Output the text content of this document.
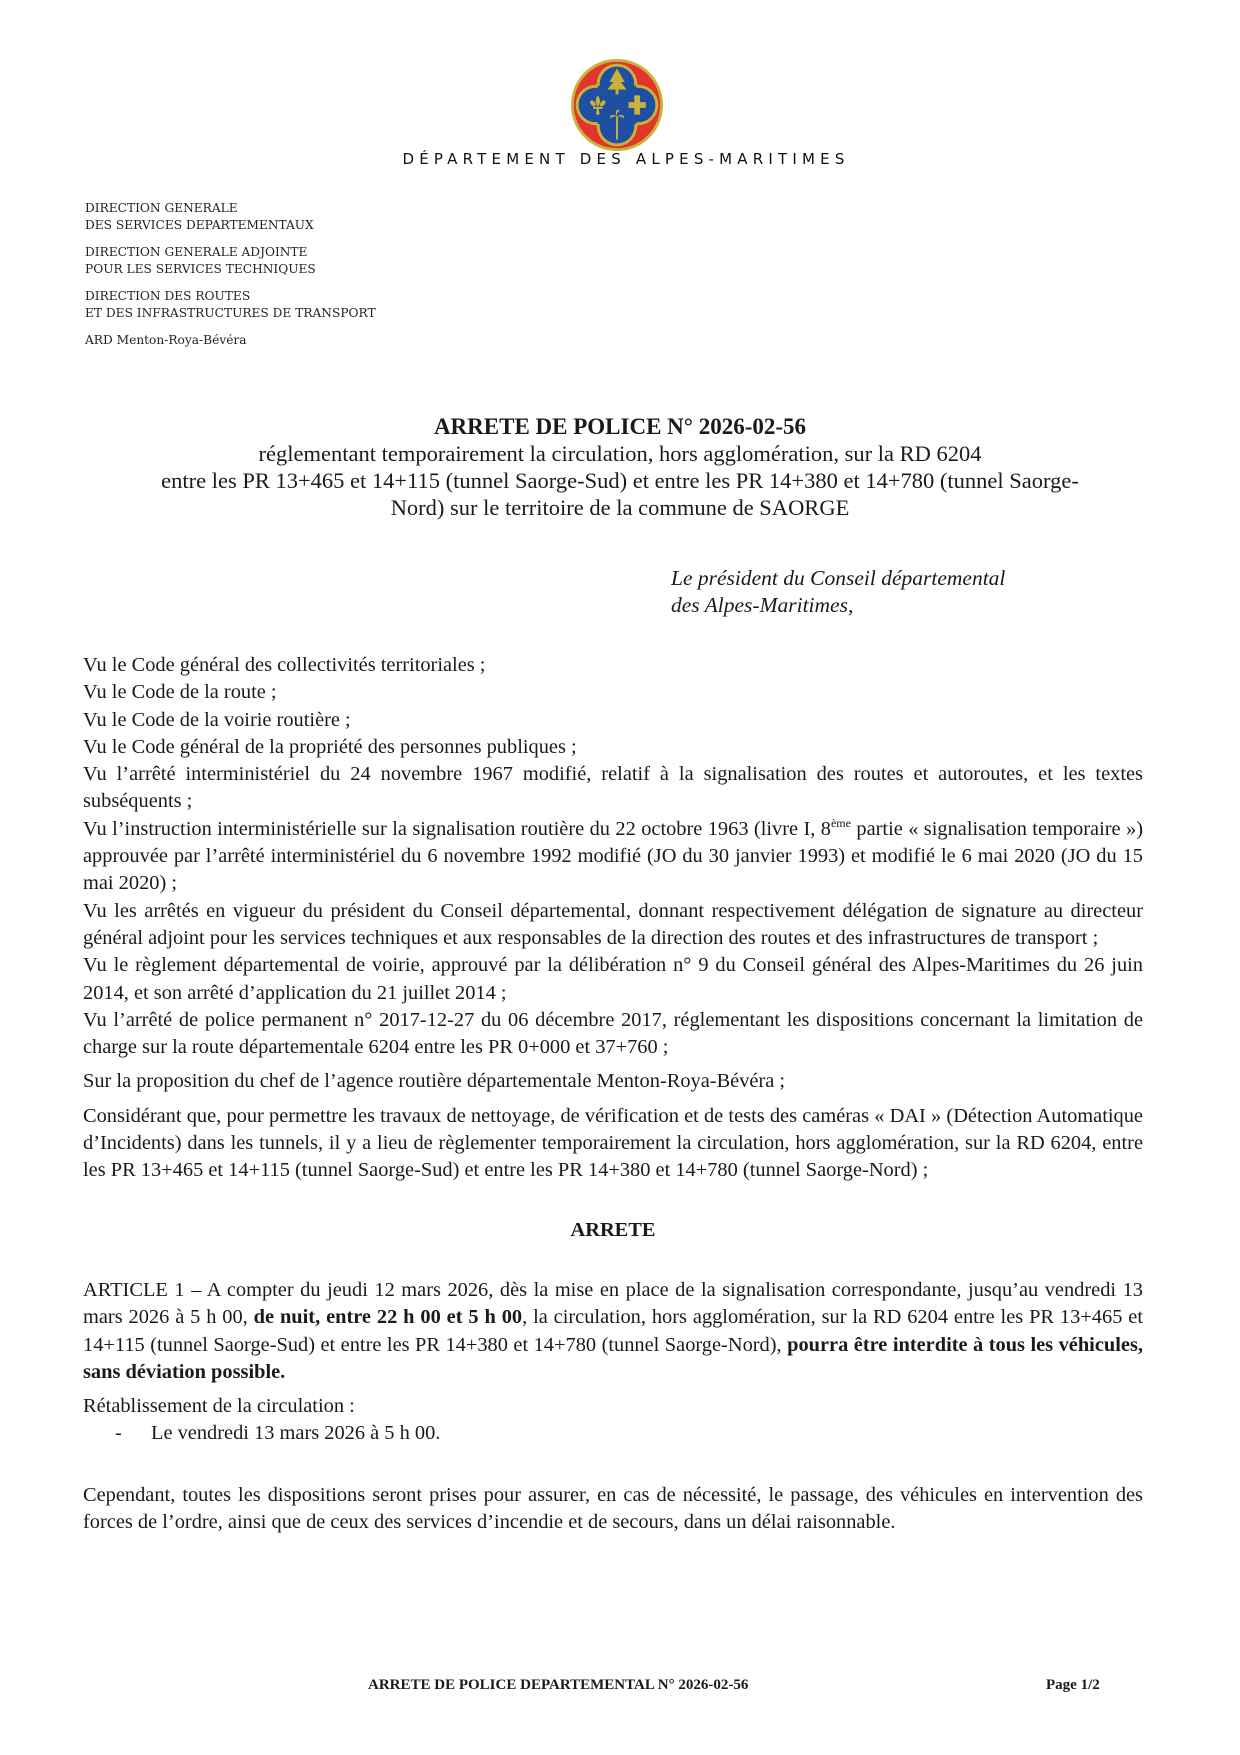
DÉPARTEMENT DES ALPES-MARITIMES
DIRECTION GENERALE
DES SERVICES DEPARTEMENTAUX
DIRECTION GENERALE ADJOINTE
POUR LES SERVICES TECHNIQUES
DIRECTION DES ROUTES
ET DES INFRASTRUCTURES DE TRANSPORT
ARD Menton-Roya-Bévéra
ARRETE DE POLICE N° 2026-02-56
réglementant temporairement la circulation, hors agglomération, sur la RD 6204
entre les PR 13+465 et 14+115 (tunnel Saorge-Sud) et entre les PR 14+380 et 14+780 (tunnel Saorge-
Nord) sur le territoire de la commune de SAORGE
Le président du Conseil départemental
des Alpes-Maritimes,

Vu le Code général des collectivités territoriales ;

Vu le Code de la route ;

Vu le Code de la voirie routière ;

Vu le Code général de la propriété des personnes publiques ;

Vu l’arrêté interministériel du 24 novembre 1967 modifié, relatif à la signalisation des routes et autoroutes, et les textes subséquents ;

Vu l’instruction interministérielle sur la signalisation routière du 22 octobre 1963 (livre I, 8ème partie « signalisation temporaire ») approuvée par l’arrêté interministériel du 6 novembre 1992 modifié (JO du 30 janvier 1993) et modifié le 6 mai 2020 (JO du 15 mai 2020) ;

Vu les arrêtés en vigueur du président du Conseil départemental, donnant respectivement délégation de signature au directeur général adjoint pour les services techniques et aux responsables de la direction des routes et des infrastructures de transport ;

Vu le règlement départemental de voirie, approuvé par la délibération n° 9 du Conseil général des Alpes-Maritimes du 26 juin 2014, et son arrêté d’application du 21 juillet 2014 ;

Vu l’arrêté de police permanent n° 2017-12-27 du 06 décembre 2017, réglementant les dispositions concernant la limitation de charge sur la route départementale 6204 entre les PR 0+000 et 37+760 ;

Sur la proposition du chef de l’agence routière départementale Menton-Roya-Bévéra ;

Considérant que, pour permettre les travaux de nettoyage, de vérification et de tests des caméras « DAI » (Détection Automatique d’Incidents) dans les tunnels, il y a lieu de règlementer temporairement la circulation, hors agglomération, sur la RD 6204, entre les PR 13+465 et 14+115 (tunnel Saorge-Sud) et entre les PR 14+380 et 14+780 (tunnel Saorge-Nord) ;

ARRETE

ARTICLE 1 – A compter du jeudi 12 mars 2026, dès la mise en place de la signalisation correspondante, jusqu’au vendredi 13 mars 2026 à 5 h 00, de nuit, entre 22 h 00 et 5 h 00, la circulation, hors agglomération, sur la RD 6204 entre les PR 13+465 et 14+115 (tunnel Saorge-Sud) et entre les PR 14+380 et 14+780 (tunnel Saorge-Nord), pourra être interdite à tous les véhicules, sans déviation possible.

Rétablissement de la circulation :

- Le vendredi 13 mars 2026 à 5 h 00.

Cependant, toutes les dispositions seront prises pour assurer, en cas de nécessité, le passage, des véhicules en intervention des forces de l’ordre, ainsi que de ceux des services d’incendie et de secours, dans un délai raisonnable.

ARRETE DE POLICE DEPARTEMENTAL N° 2026-02-56	Page 1/2
